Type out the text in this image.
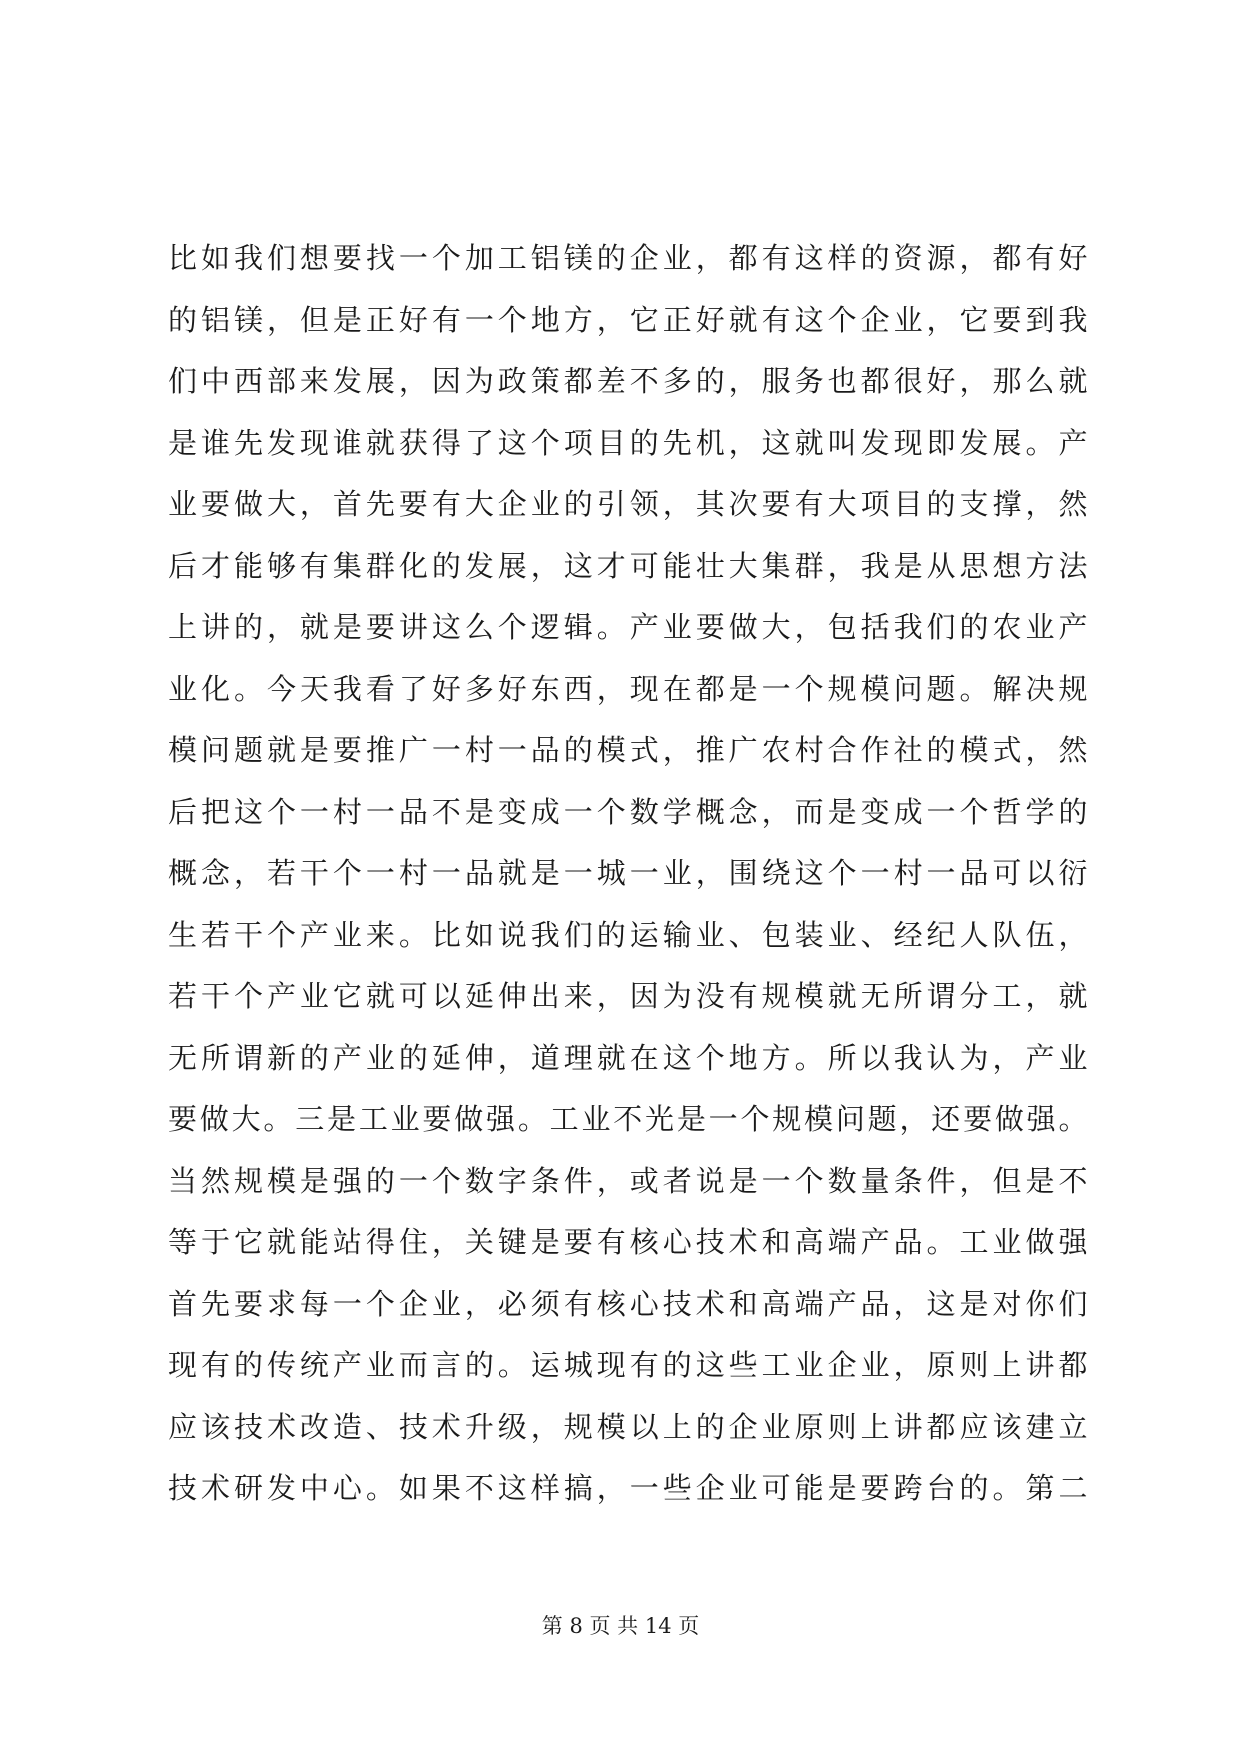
比如我们想要找一个加工铝镁的企业，都有这样的资源，都有好
的铝镁，但是正好有一个地方，它正好就有这个企业，它要到我
们中西部来发展，因为政策都差不多的，服务也都很好，那么就
是谁先发现谁就获得了这个项目的先机，这就叫发现即发展。产
业要做大，首先要有大企业的引领，其次要有大项目的支撑，然
后才能够有集群化的发展，这才可能壮大集群，我是从思想方法
上讲的，就是要讲这么个逻辑。产业要做大，包括我们的农业产
业化。今天我看了好多好东西，现在都是一个规模问题。解决规
模问题就是要推广一村一品的模式，推广农村合作社的模式，然
后把这个一村一品不是变成一个数学概念，而是变成一个哲学的
概念，若干个一村一品就是一城一业，围绕这个一村一品可以衍
生若干个产业来。比如说我们的运输业、包装业、经纪人队伍，
若干个产业它就可以延伸出来，因为没有规模就无所谓分工，就
无所谓新的产业的延伸，道理就在这个地方。所以我认为，产业
要做大。三是工业要做强。工业不光是一个规模问题，还要做强。
当然规模是强的一个数字条件，或者说是一个数量条件，但是不
等于它就能站得住，关键是要有核心技术和高端产品。工业做强
首先要求每一个企业，必须有核心技术和高端产品，这是对你们
现有的传统产业而言的。运城现有的这些工业企业，原则上讲都
应该技术改造、技术升级，规模以上的企业原则上讲都应该建立
技术研发中心。如果不这样搞，一些企业可能是要跨台的。第二
第 8 页 共 14 页
